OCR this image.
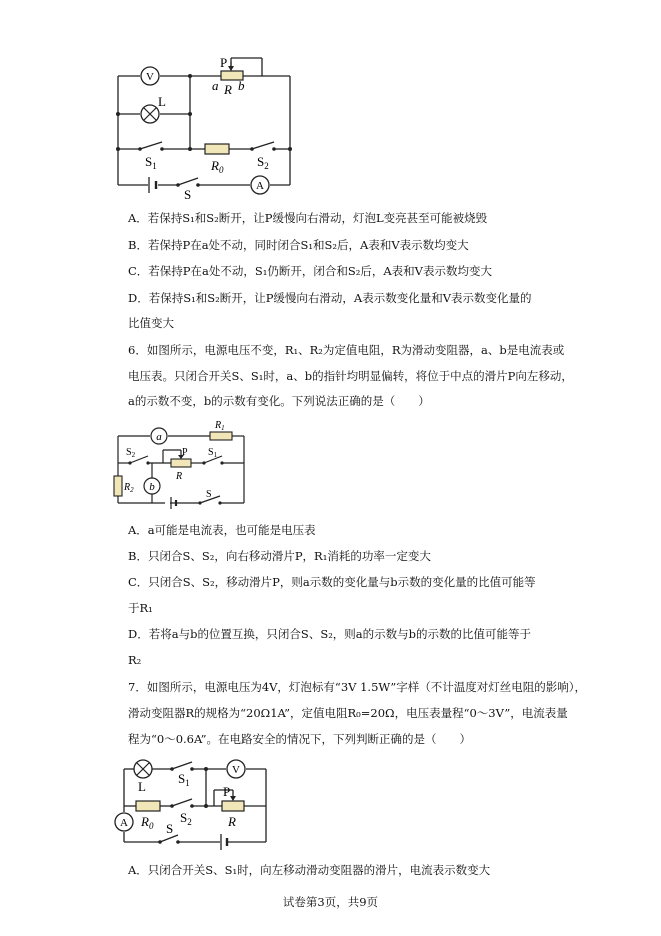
V
L
P
a R b
$R_0$
$S_1$	$S_2$
S
A
A．若保持S₁和S₂断开，让P缓慢向右滑动，灯泡L变亮甚至可能被烧毁
B．若保持P在a处不动，同时闭合S₁和S₂后，A表和V表示数均变大
C．若保持P在a处不动，S₁仍断开，闭合和S₂后，A表和V表示数均变大
D．若保持S₁和S₂断开，让P缓慢向右滑动，A表示数变化量和V表示数变化量的
比值变大
6．如图所示，电源电压不变，R₁、R₂为定值电阻，R为滑动变阻器，a、b是电流表或
电压表。只闭合开关S、S₁时，a、b的指针均明显偏转，将位于中点的滑片P向左移动，
a的示数不变，b的示数有变化。下列说法正确的是（　　）
a
$R_1$
P
R
$S_2$	$S_1$
$R_2$ b
S
A．a可能是电流表，也可能是电压表
B．只闭合S、S₂，向右移动滑片P，R₁消耗的功率一定变大
C．只闭合S、S₂，移动滑片P，则a示数的变化量与b示数的变化量的比值可能等
于R₁
D．若将a与b的位置互换，只闭合S、S₂，则a的示数与b的示数的比值可能等于
R₂
7．如图所示，电源电压为4V，灯泡标有“3V 1.5W”字样（不计温度对灯丝电阻的影响），
滑动变阻器R的规格为“20Ω1A”，定值电阻R₀=20Ω，电压表量程“0～3V”，电流表量
程为“0～0.6A”。在电路安全的情况下，下列判断正确的是（　　）
L
$S_1$
V
$R_0$
$S_2$
P
R
A	S
A．只闭合开关S、S₁时，向左移动滑动变阻器的滑片，电流表示数变大
试卷第3页，共9页
